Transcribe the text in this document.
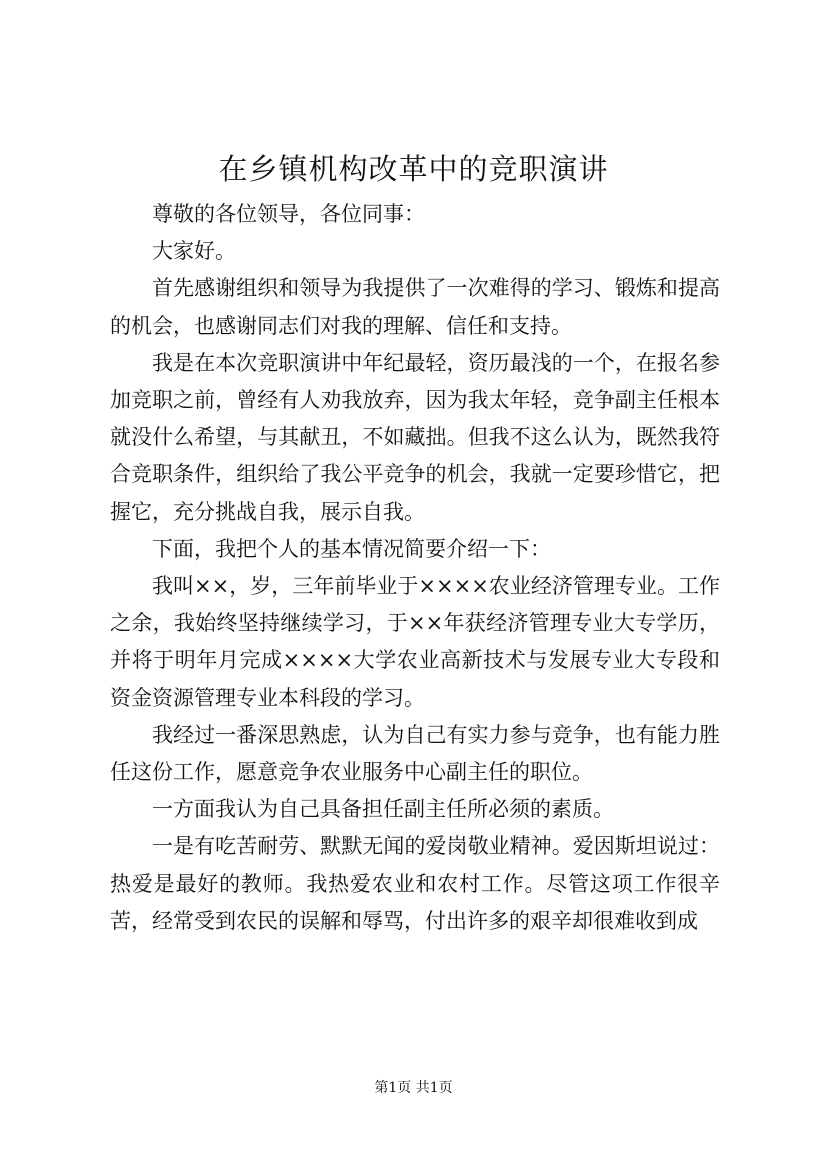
在乡镇机构改革中的竞职演讲

尊敬的各位领导，各位同事：

大家好。

首先感谢组织和领导为我提供了一次难得的学习、锻炼和提高的机会，也感谢同志们对我的理解、信任和支持。

我是在本次竞职演讲中年纪最轻，资历最浅的一个，在报名参加竞职之前，曾经有人劝我放弃，因为我太年轻，竞争副主任根本就没什么希望，与其献丑，不如藏拙。但我不这么认为，既然我符合竞职条件，组织给了我公平竞争的机会，我就一定要珍惜它，把握它，充分挑战自我，展示自我。

下面，我把个人的基本情况简要介绍一下：

我叫××，岁，三年前毕业于××××农业经济管理专业。工作之余，我始终坚持继续学习，于××年获经济管理专业大专学历，并将于明年月完成××××大学农业高新技术与发展专业大专段和资金资源管理专业本科段的学习。

我经过一番深思熟虑，认为自己有实力参与竞争，也有能力胜任这份工作，愿意竞争农业服务中心副主任的职位。

一方面我认为自己具备担任副主任所必须的素质。

一是有吃苦耐劳、默默无闻的爱岗敬业精神。爱因斯坦说过：热爱是最好的教师。我热爱农业和农村工作。尽管这项工作很辛苦，经常受到农民的误解和辱骂，付出许多的艰辛却很难收到成

第1页 共1页
